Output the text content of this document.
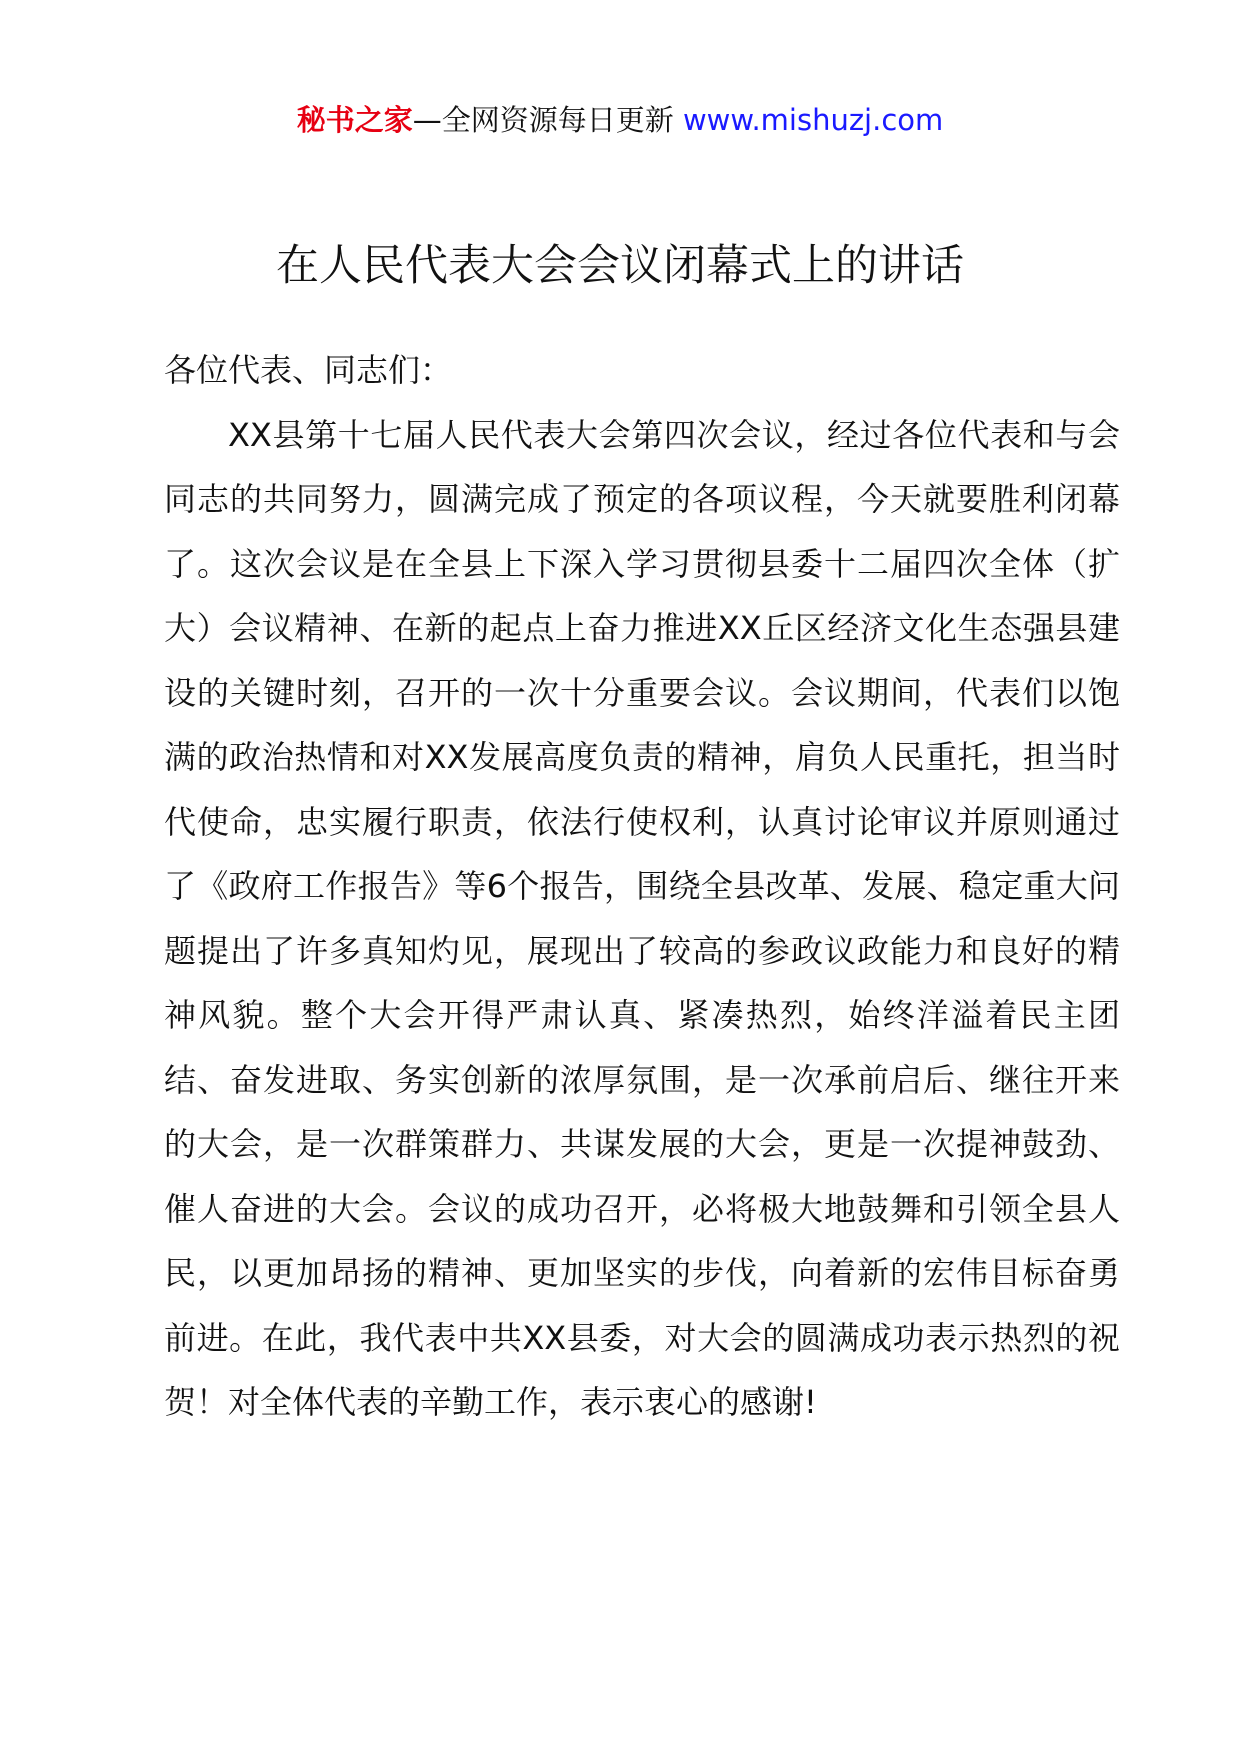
秘书之家—全网资源每日更新 www.mishuzj.com
在人民代表大会会议闭幕式上的讲话

各位代表、同志们：

XX县第十七届人民代表大会第四次会议，经过各位代表和与会同志的共同努力，圆满完成了预定的各项议程，今天就要胜利闭幕了。这次会议是在全县上下深入学习贯彻县委十二届四次全体（扩大）会议精神、在新的起点上奋力推进XX丘区经济文化生态强县建设的关键时刻，召开的一次十分重要会议。会议期间，代表们以饱满的政治热情和对XX发展高度负责的精神，肩负人民重托，担当时代使命，忠实履行职责，依法行使权利，认真讨论审议并原则通过了《政府工作报告》等6个报告，围绕全县改革、发展、稳定重大问题提出了许多真知灼见，展现出了较高的参政议政能力和良好的精神风貌。整个大会开得严肃认真、紧凑热烈，始终洋溢着民主团结、奋发进取、务实创新的浓厚氛围，是一次承前启后、继往开来的大会，是一次群策群力、共谋发展的大会，更是一次提神鼓劲、催人奋进的大会。会议的成功召开，必将极大地鼓舞和引领全县人民，以更加昂扬的精神、更加坚实的步伐，向着新的宏伟目标奋勇前进。在此，我代表中共XX县委，对大会的圆满成功表示热烈的祝贺！对全体代表的辛勤工作，表示衷心的感谢!
